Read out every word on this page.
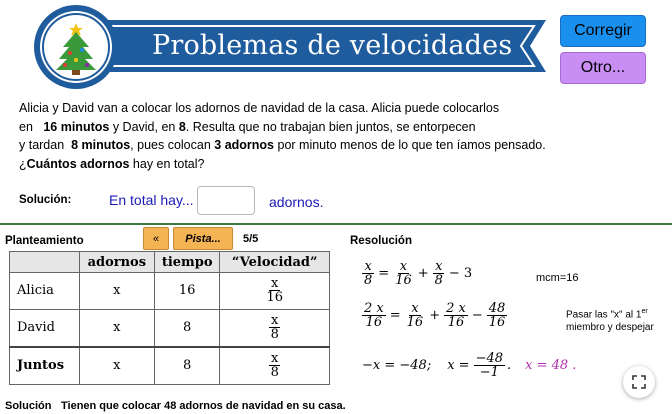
Problemas de velocidades	Corregir
Otro...

Alicia y David van a colocar los adornos de navidad de la casa. Alicia puede colocarlos

en   16 minutos y David, en 8. Resulta que no trabajan bien juntos, se entorpecen

y tardan  8 minutos, pues colocan 3 adornos por minuto menos de lo que ten íamos pensado.

¿Cuántos adornos hay en total?

Solución:	En total hay...	adornos.
Planteamiento	«	Pista...	5/5
	adornos	tiempo	“Velocidad”
Alicia	x	16	$\frac{x}{16}$

David	x	8	$\frac{x}{8}$

Juntos	x	8	$\frac{x}{8}$
Resolución
$\frac{x}{8} = \frac{x}{16} + \frac{x}{8} - 3$	mcm=16
$\frac{2 x}{16} = \frac{x}{16} + \frac{2 x}{16} - \frac{48}{16}$	Pasar las "x" al 1er
miembro y despejar
−x = −48; $x = \frac{-48}{-1}$ . x = 48 .
Solución Tienen que colocar 48 adornos de navidad en su casa.
